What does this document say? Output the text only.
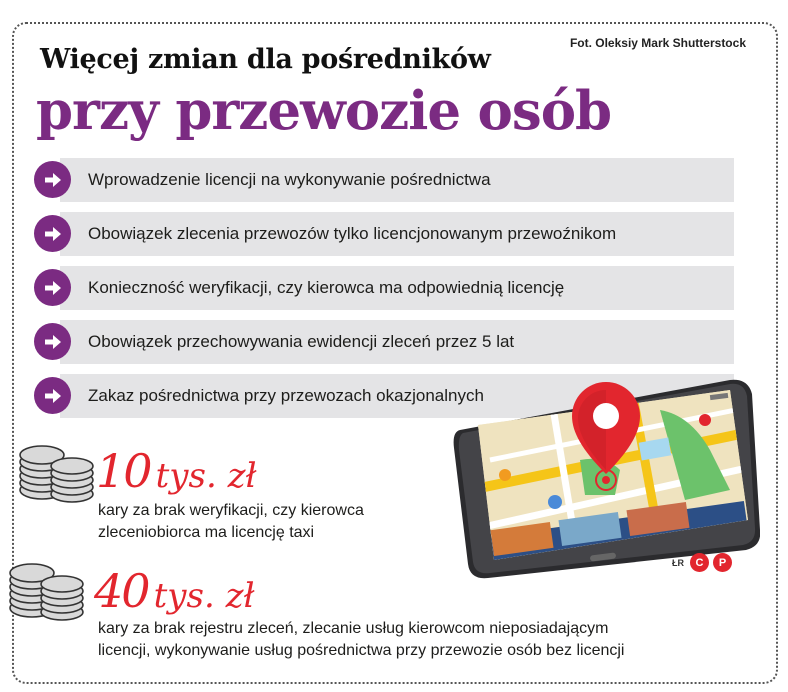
Fot. Oleksiy Mark Shutterstock
Więcej zmian dla pośredników
przy przewozie osób
Wprowadzenie licencji na wykonywanie pośrednictwa
Obowiązek zlecenia przewozów tylko licencjonowanym przewoźnikom
Konieczność weryfikacji, czy kierowca ma odpowiednią licencję
Obowiązek przechowywania ewidencji zleceń przez 5 lat
Zakaz pośrednictwa przy przewozach okazjonalnych
10 tys. zł
kary za brak weryfikacji, czy kierowca
zleceniobiorca ma licencję taxi
40 tys. zł
kary za brak rejestru zleceń, zlecanie usług kierowcom nieposiadającym
licencji, wykonywanie usług pośrednictwa przy przewozie osób bez licencji
ŁR	C	P
